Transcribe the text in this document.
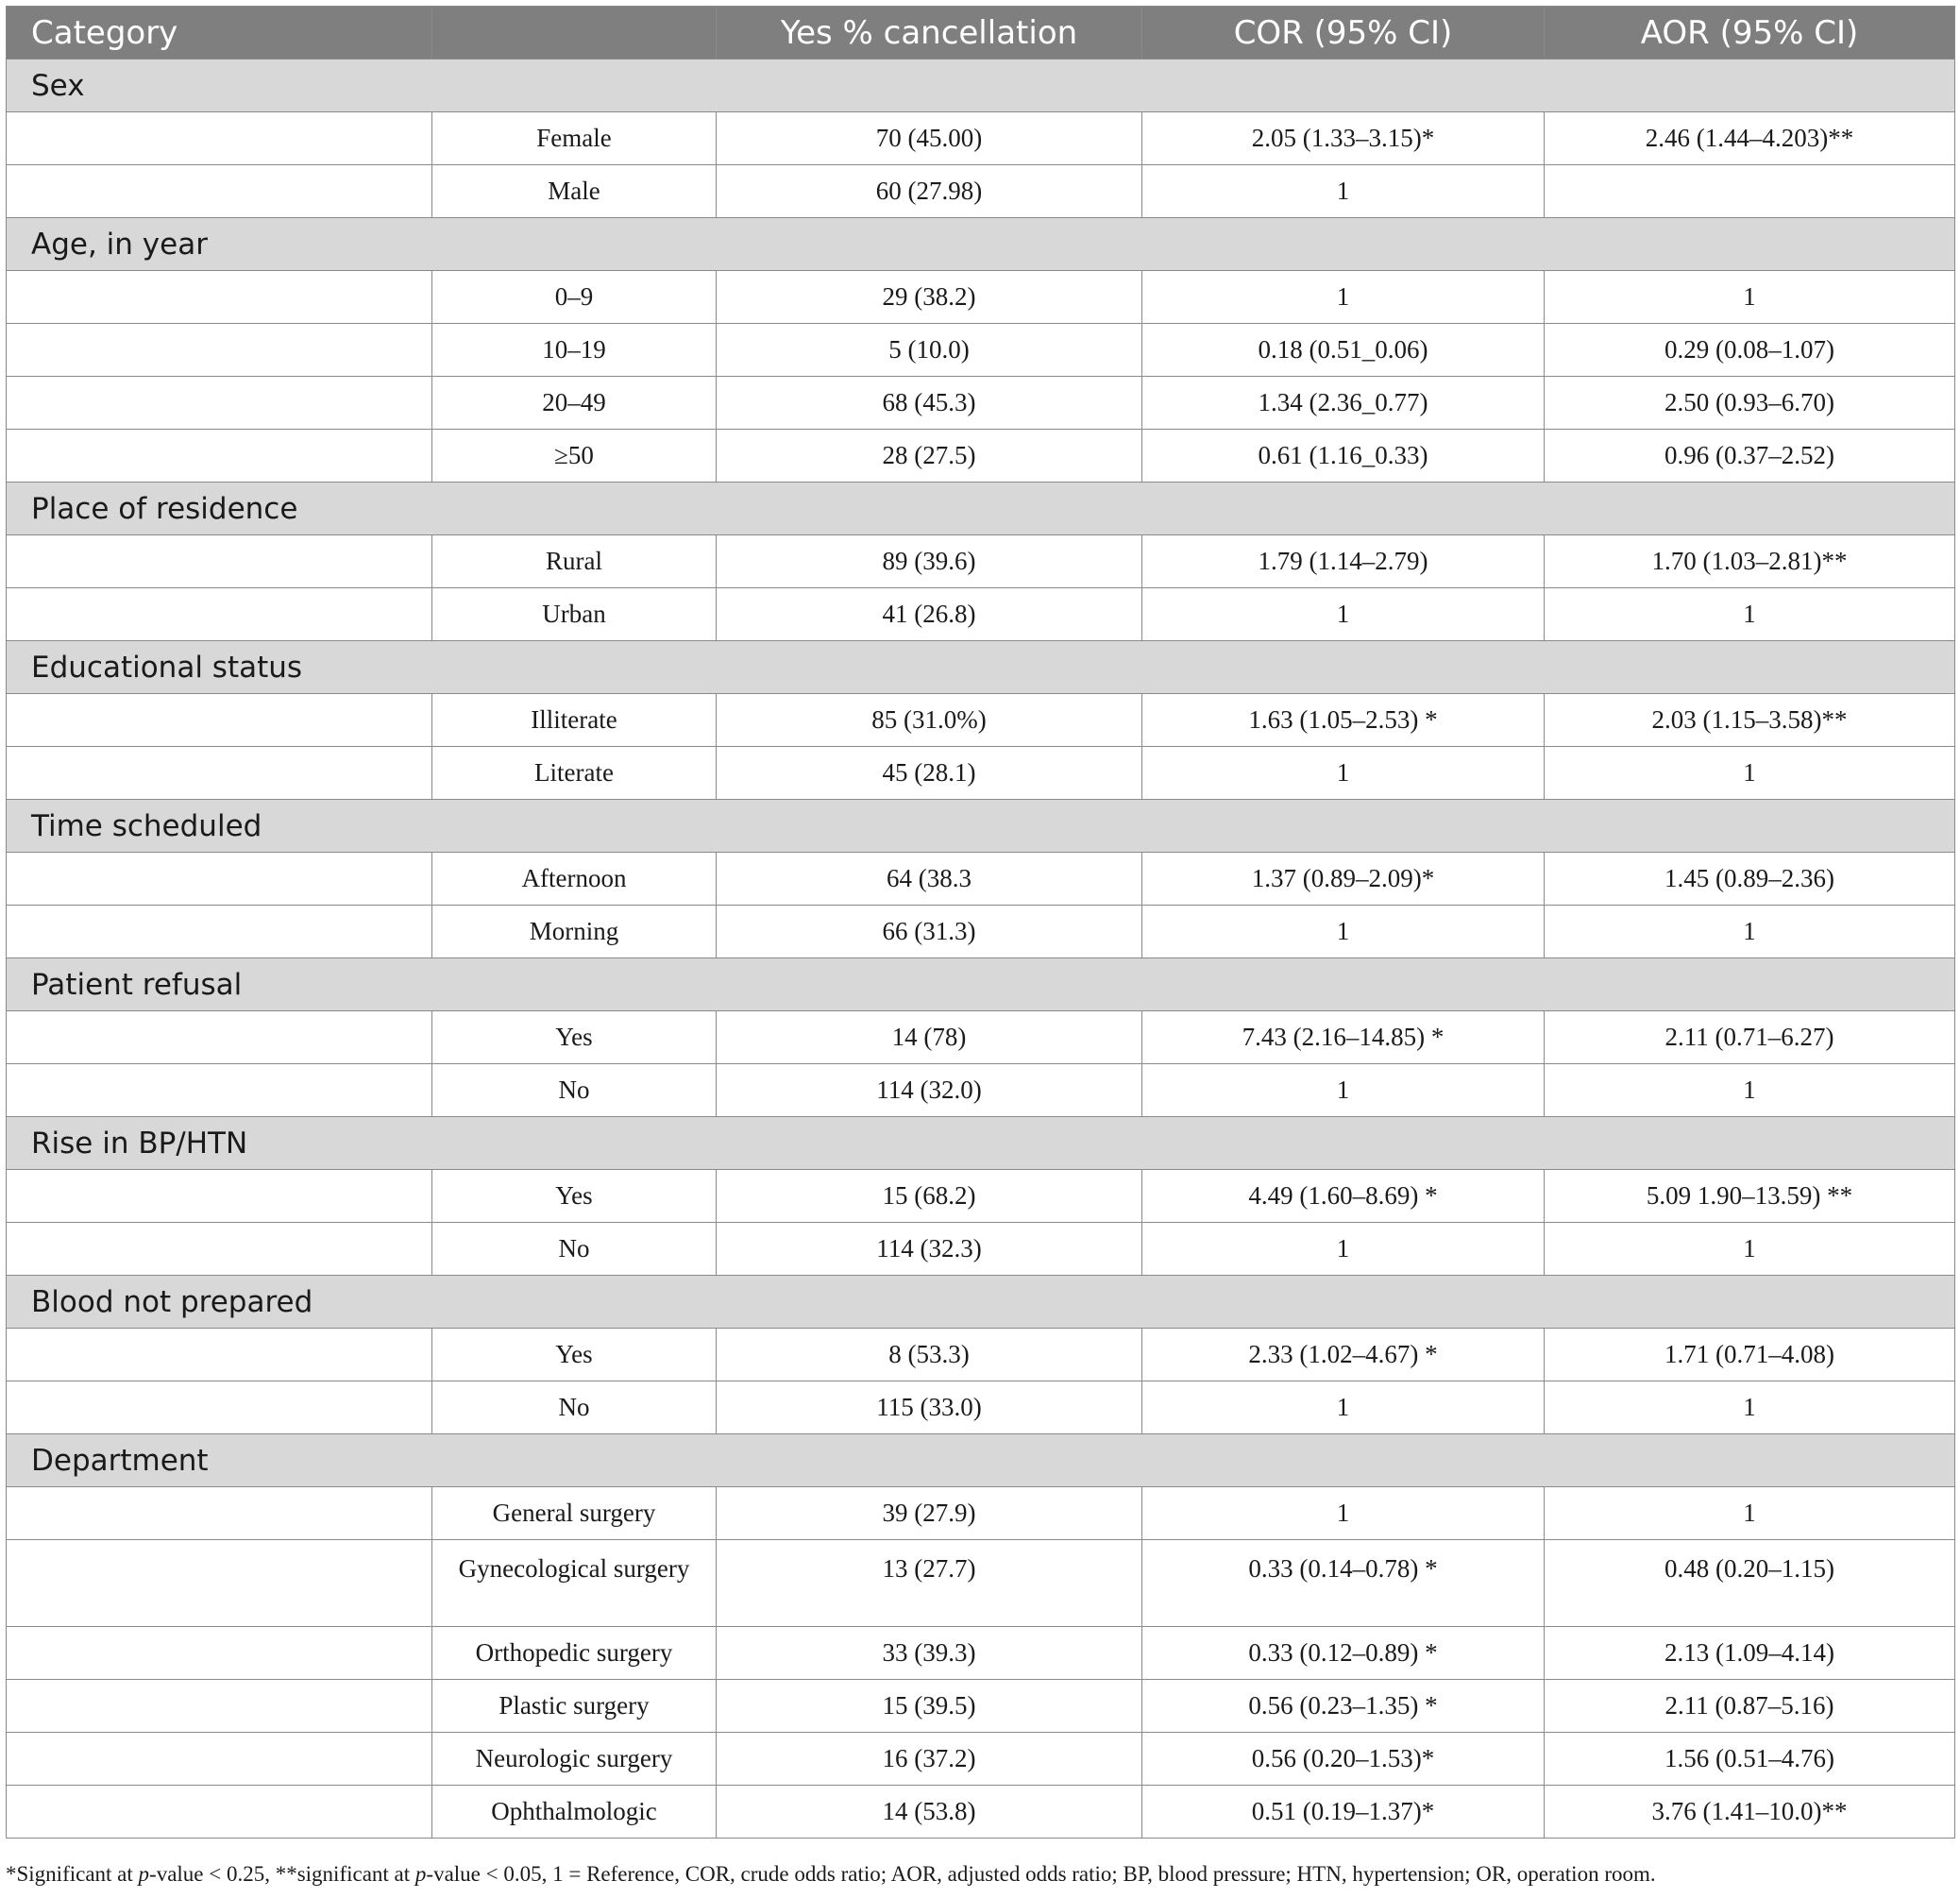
Category		Yes % cancellation	COR (95% CI)	AOR (95% CI)
Sex				
	Female	70 (45.00)	2.05 (1.33–3.15)*	2.46 (1.44–4.203)**
	Male	60 (27.98)	1	
Age, in year				
	0–9	29 (38.2)	1	1
	10–19	5 (10.0)	0.18 (0.51_0.06)	0.29 (0.08–1.07)
	20–49	68 (45.3)	1.34 (2.36_0.77)	2.50 (0.93–6.70)
	≥50	28 (27.5)	0.61 (1.16_0.33)	0.96 (0.37–2.52)
Place of residence				
	Rural	89 (39.6)	1.79 (1.14–2.79)	1.70 (1.03–2.81)**
	Urban	41 (26.8)	1	1
Educational status				
	Illiterate	85 (31.0%)	1.63 (1.05–2.53) *	2.03 (1.15–3.58)**
	Literate	45 (28.1)	1	1
Time scheduled				
	Afternoon	64 (38.3	1.37 (0.89–2.09)*	1.45 (0.89–2.36)
	Morning	66 (31.3)	1	1
Patient refusal				
	Yes	14 (78)	7.43 (2.16–14.85) *	2.11 (0.71–6.27)
	No	114 (32.0)	1	1
Rise in BP/HTN				
	Yes	15 (68.2)	4.49 (1.60–8.69) *	5.09 1.90–13.59) **
	No	114 (32.3)	1	1
Blood not prepared				
	Yes	8 (53.3)	2.33 (1.02–4.67) *	1.71 (0.71–4.08)
	No	115 (33.0)	1	1
Department				
	General surgery	39 (27.9)	1	1
	Gynecological surgery	13 (27.7)	0.33 (0.14–0.78) *	0.48 (0.20–1.15)
	Orthopedic surgery	33 (39.3)	0.33 (0.12–0.89) *	2.13 (1.09–4.14)
	Plastic surgery	15 (39.5)	0.56 (0.23–1.35) *	2.11 (0.87–5.16)
	Neurologic surgery	16 (37.2)	0.56 (0.20–1.53)*	1.56 (0.51–4.76)
	Ophthalmologic	14 (53.8)	0.51 (0.19–1.37)*	3.76 (1.41–10.0)**
*Significant at p-value < 0.25, **significant at p-value < 0.05, 1 = Reference, COR, crude odds ratio; AOR, adjusted odds ratio; BP, blood pressure; HTN, hypertension; OR, operation room.
